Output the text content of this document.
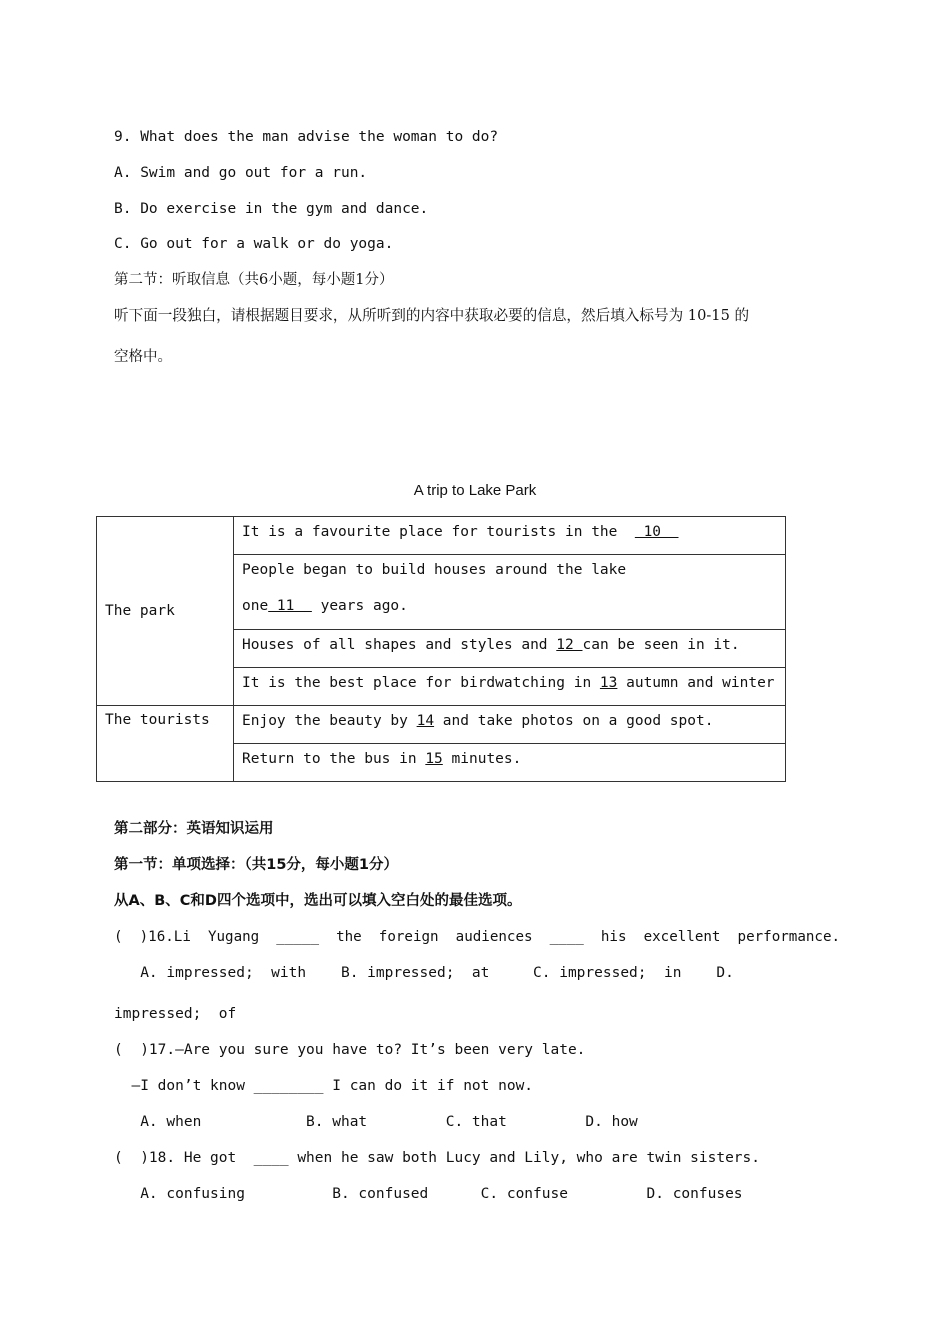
9. What does the man advise the woman to do?
A. Swim and go out for a run.
B. Do exercise in the gym and dance.
C. Go out for a walk or do yoga.
第二节：听取信息（共6小题，每小题1分）
听下面一段独白，请根据题目要求，从所听到的内容中获取必要的信息，然后填入标号为 10-15 的
空格中。
A trip to Lake Park
The park	It is a favourite place for tourists in the   10

	People began to build houses around the lake
one 11   years ago.

	Houses of all shapes and styles and 12 can be seen in it.
	It is the best place for birdwatching in 13 autumn and winter
The tourists	Enjoy the beauty by 14 and take photos on a good spot.
	Return to the bus in 15 minutes.
第二部分：英语知识运用
第一节：单项选择：（共15分，每小题1分）
从A、B、C和D四个选项中，选出可以填入空白处的最佳选项。
(  )16.Li  Yugang  _____  the  foreign  audiences  ____  his  excellent  performance.
A. impressed;  with    B. impressed;  at     C. impressed;  in    D.
impressed;  of
(  )17.—Are you sure you have to? It’s been very late.
—I don’t know ________ I can do it if not now.
A. when            B. what         C. that         D. how
(  )18. He got  ____ when he saw both Lucy and Lily, who are twin sisters.
A. confusing          B. confused      C. confuse         D. confuses
